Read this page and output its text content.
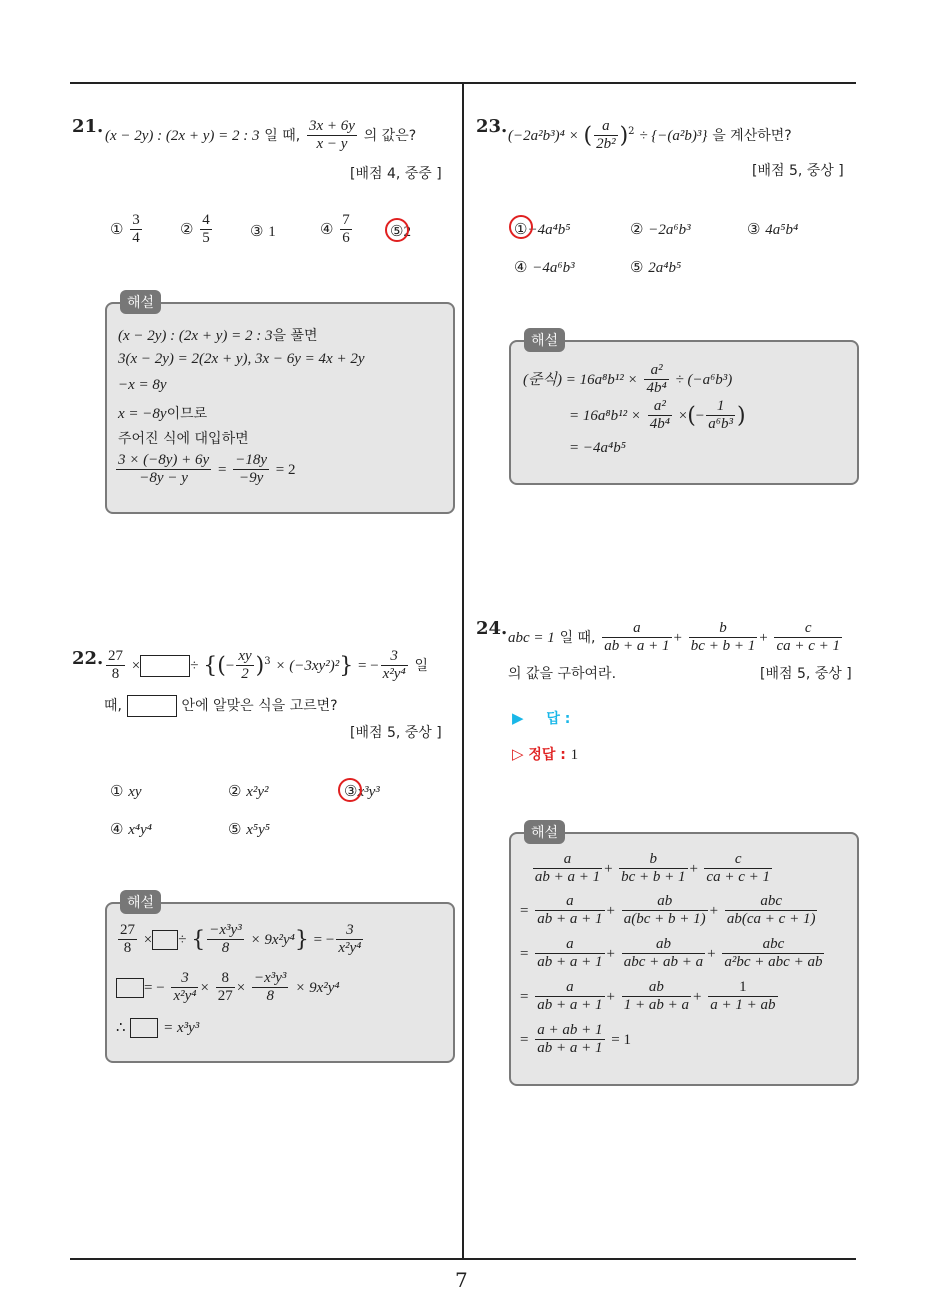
7
21. (x − 2y) : (2x + y) = 2 : 3 일 때, $\frac{3x + 6y}{x - y}$ 의 값은?
[배점 4, 중중 ]
① $\frac{3}{4}$	② $\frac{4}{5}$	③ 1	④ $\frac{7}{6}$	⑤2
해설
(x − 2y) : (2x + y) = 2 : 3을 풀면
3(x − 2y) = 2(2x + y), 3x − 6y = 4x + 2y
−x = 8y
x = −8y이므로
주어진 식에 대입하면
$\frac{3 \times (-8y) + 6y}{-8y - y} = \frac{-18y}{-9y} = 2$
22. $\frac{27}{8}$ ×	÷ {(− $\frac{xy}{2} )^3 \times (-3xy^2)^2$} = − $\frac{3}{\text{x²y⁴}}$ 일
때,	안에 알맞은 식을 고르면?
[배점 5, 중상 ]
① xy	② x²y²	③x³y³
④ x⁴y⁴	⑤ x⁵y⁵
해설
$\frac{27}{8}$ × ÷ { $\frac{\text{−x³y³}}{8} \times 9x^2y^4$} = − $\frac{3}{\text{x²y⁴}}$
= − $\frac{3}{\text{x²y⁴}} \times \frac{8}{27} \times \frac{\text{−x³y³}}{8} \times 9x^2y^4$
∴	= x³y³
23. (−2a²b³)⁴ × ( $\frac{a}{\text{2b²}} )^2 \div \{-(a^2b)^3\}$ 을 계산하면?
[배점 5, 중상 ]
①−4a⁴b⁵	② −2a⁶b³	③ 4a⁵b⁴
④ −4a⁶b³	⑤ 2a⁴b⁵
해설
(준식) = $16a^8b^{12} \times \frac{\text{a²}}{\text{4b⁴}} \div (-a^6b^3)$
= $16a^8b^{12} \times \frac{\text{a²}}{\text{4b⁴}}$ ×(− $\frac{1}{\text{a⁶b³}}$ )
= −4a⁴b⁵
24. abc = 1 일 때, $\frac{a}{ab + a + 1} + \frac{b}{bc + b + 1} + \frac{c}{ca + c + 1}$
의 값을 구하여라.	[배점 5, 중상 ]
▶ 답 :
▷ 정답 : 1
해설
$\frac{a}{ab + a + 1} + \frac{b}{bc + b + 1} + \frac{c}{ca + c + 1}$
= $\frac{a}{ab + a + 1} + \frac{ab}{a(bc + b + 1)} + \frac{\text{abc}}{ab(ca + c + 1)}$
= $\frac{a}{ab + a + 1} + \frac{ab}{\text{abc + ab + a}} + \frac{\text{abc}}{\text{a²bc + abc + ab}}$
= $\frac{a}{ab + a + 1} + \frac{ab}{1 + ab + a} + \frac{1}{a + 1 + ab}$
= $\frac{a + ab + 1}{ab + a + 1} = 1$
